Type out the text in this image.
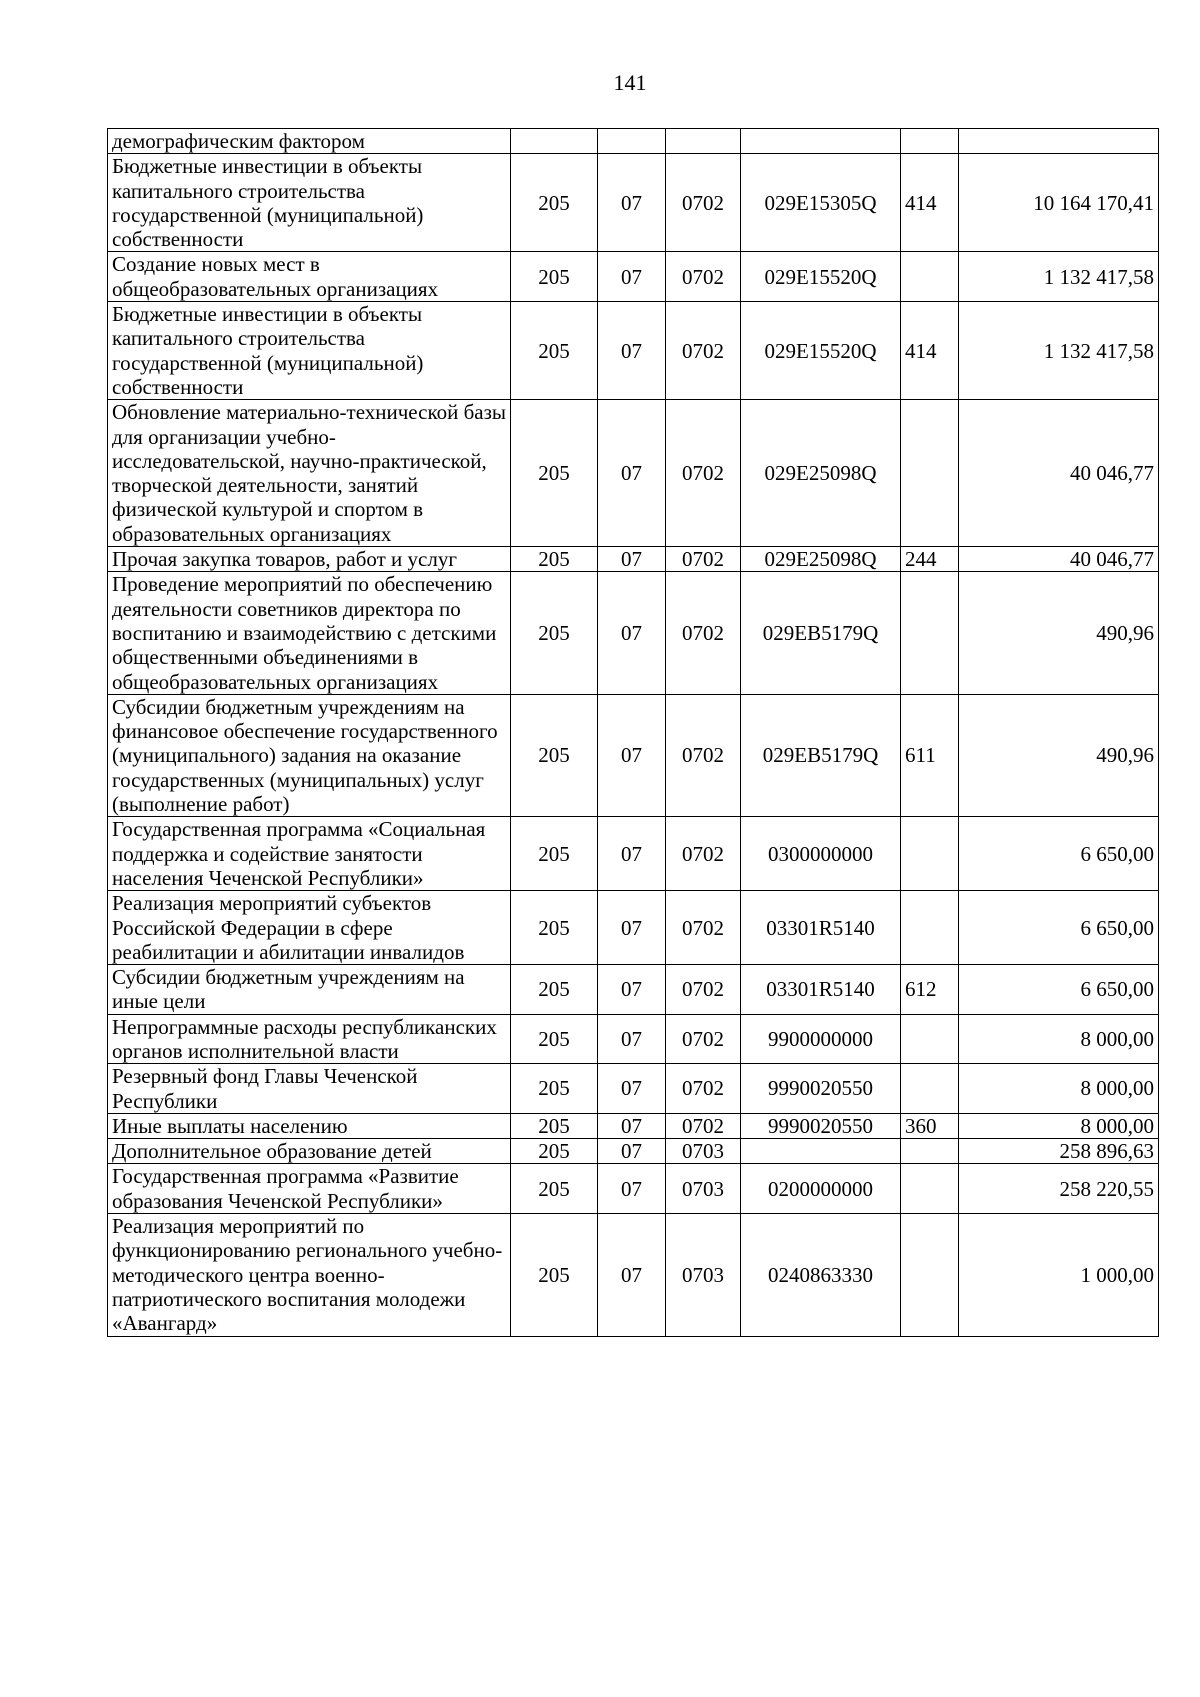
141
демографическим фактором						
Бюджетные инвестиции в объекты капитального строительства государственной (муниципальной) собственности	205	07	0702	029E15305Q	414	10 164 170,41
Создание новых мест в общеобразовательных организациях	205	07	0702	029E15520Q		1 132 417,58
Бюджетные инвестиции в объекты капитального строительства государственной (муниципальной) собственности	205	07	0702	029E15520Q	414	1 132 417,58
Обновление материально-технической базы для организации учебно-исследовательской, научно-практической, творческой деятельности, занятий физической культурой и спортом в образовательных организациях	205	07	0702	029E25098Q		40 046,77
Прочая закупка товаров, работ и услуг	205	07	0702	029E25098Q	244	40 046,77
Проведение мероприятий по обеспечению деятельности советников директора по воспитанию и взаимодействию с детскими общественными объединениями в общеобразовательных организациях	205	07	0702	029EB5179Q		490,96
Субсидии бюджетным учреждениям на финансовое обеспечение государственного (муниципального) задания на оказание государственных (муниципальных) услуг (выполнение работ)	205	07	0702	029EB5179Q	611	490,96
Государственная программа «Социальная поддержка и содействие занятости населения Чеченской Республики»	205	07	0702	0300000000		6 650,00
Реализация мероприятий субъектов Российской Федерации в сфере реабилитации и абилитации инвалидов	205	07	0702	03301R5140		6 650,00
Субсидии бюджетным учреждениям на иные цели	205	07	0702	03301R5140	612	6 650,00
Непрограммные расходы республиканских органов исполнительной власти	205	07	0702	9900000000		8 000,00
Резервный фонд Главы Чеченской Республики	205	07	0702	9990020550		8 000,00
Иные выплаты населению	205	07	0702	9990020550	360	8 000,00
Дополнительное образование детей	205	07	0703			258 896,63
Государственная программа «Развитие образования Чеченской Республики»	205	07	0703	0200000000		258 220,55
Реализация мероприятий по функционированию регионального учебно-методического центра военно-патриотического воспитания молодежи «Авангард»	205	07	0703	0240863330		1 000,00
